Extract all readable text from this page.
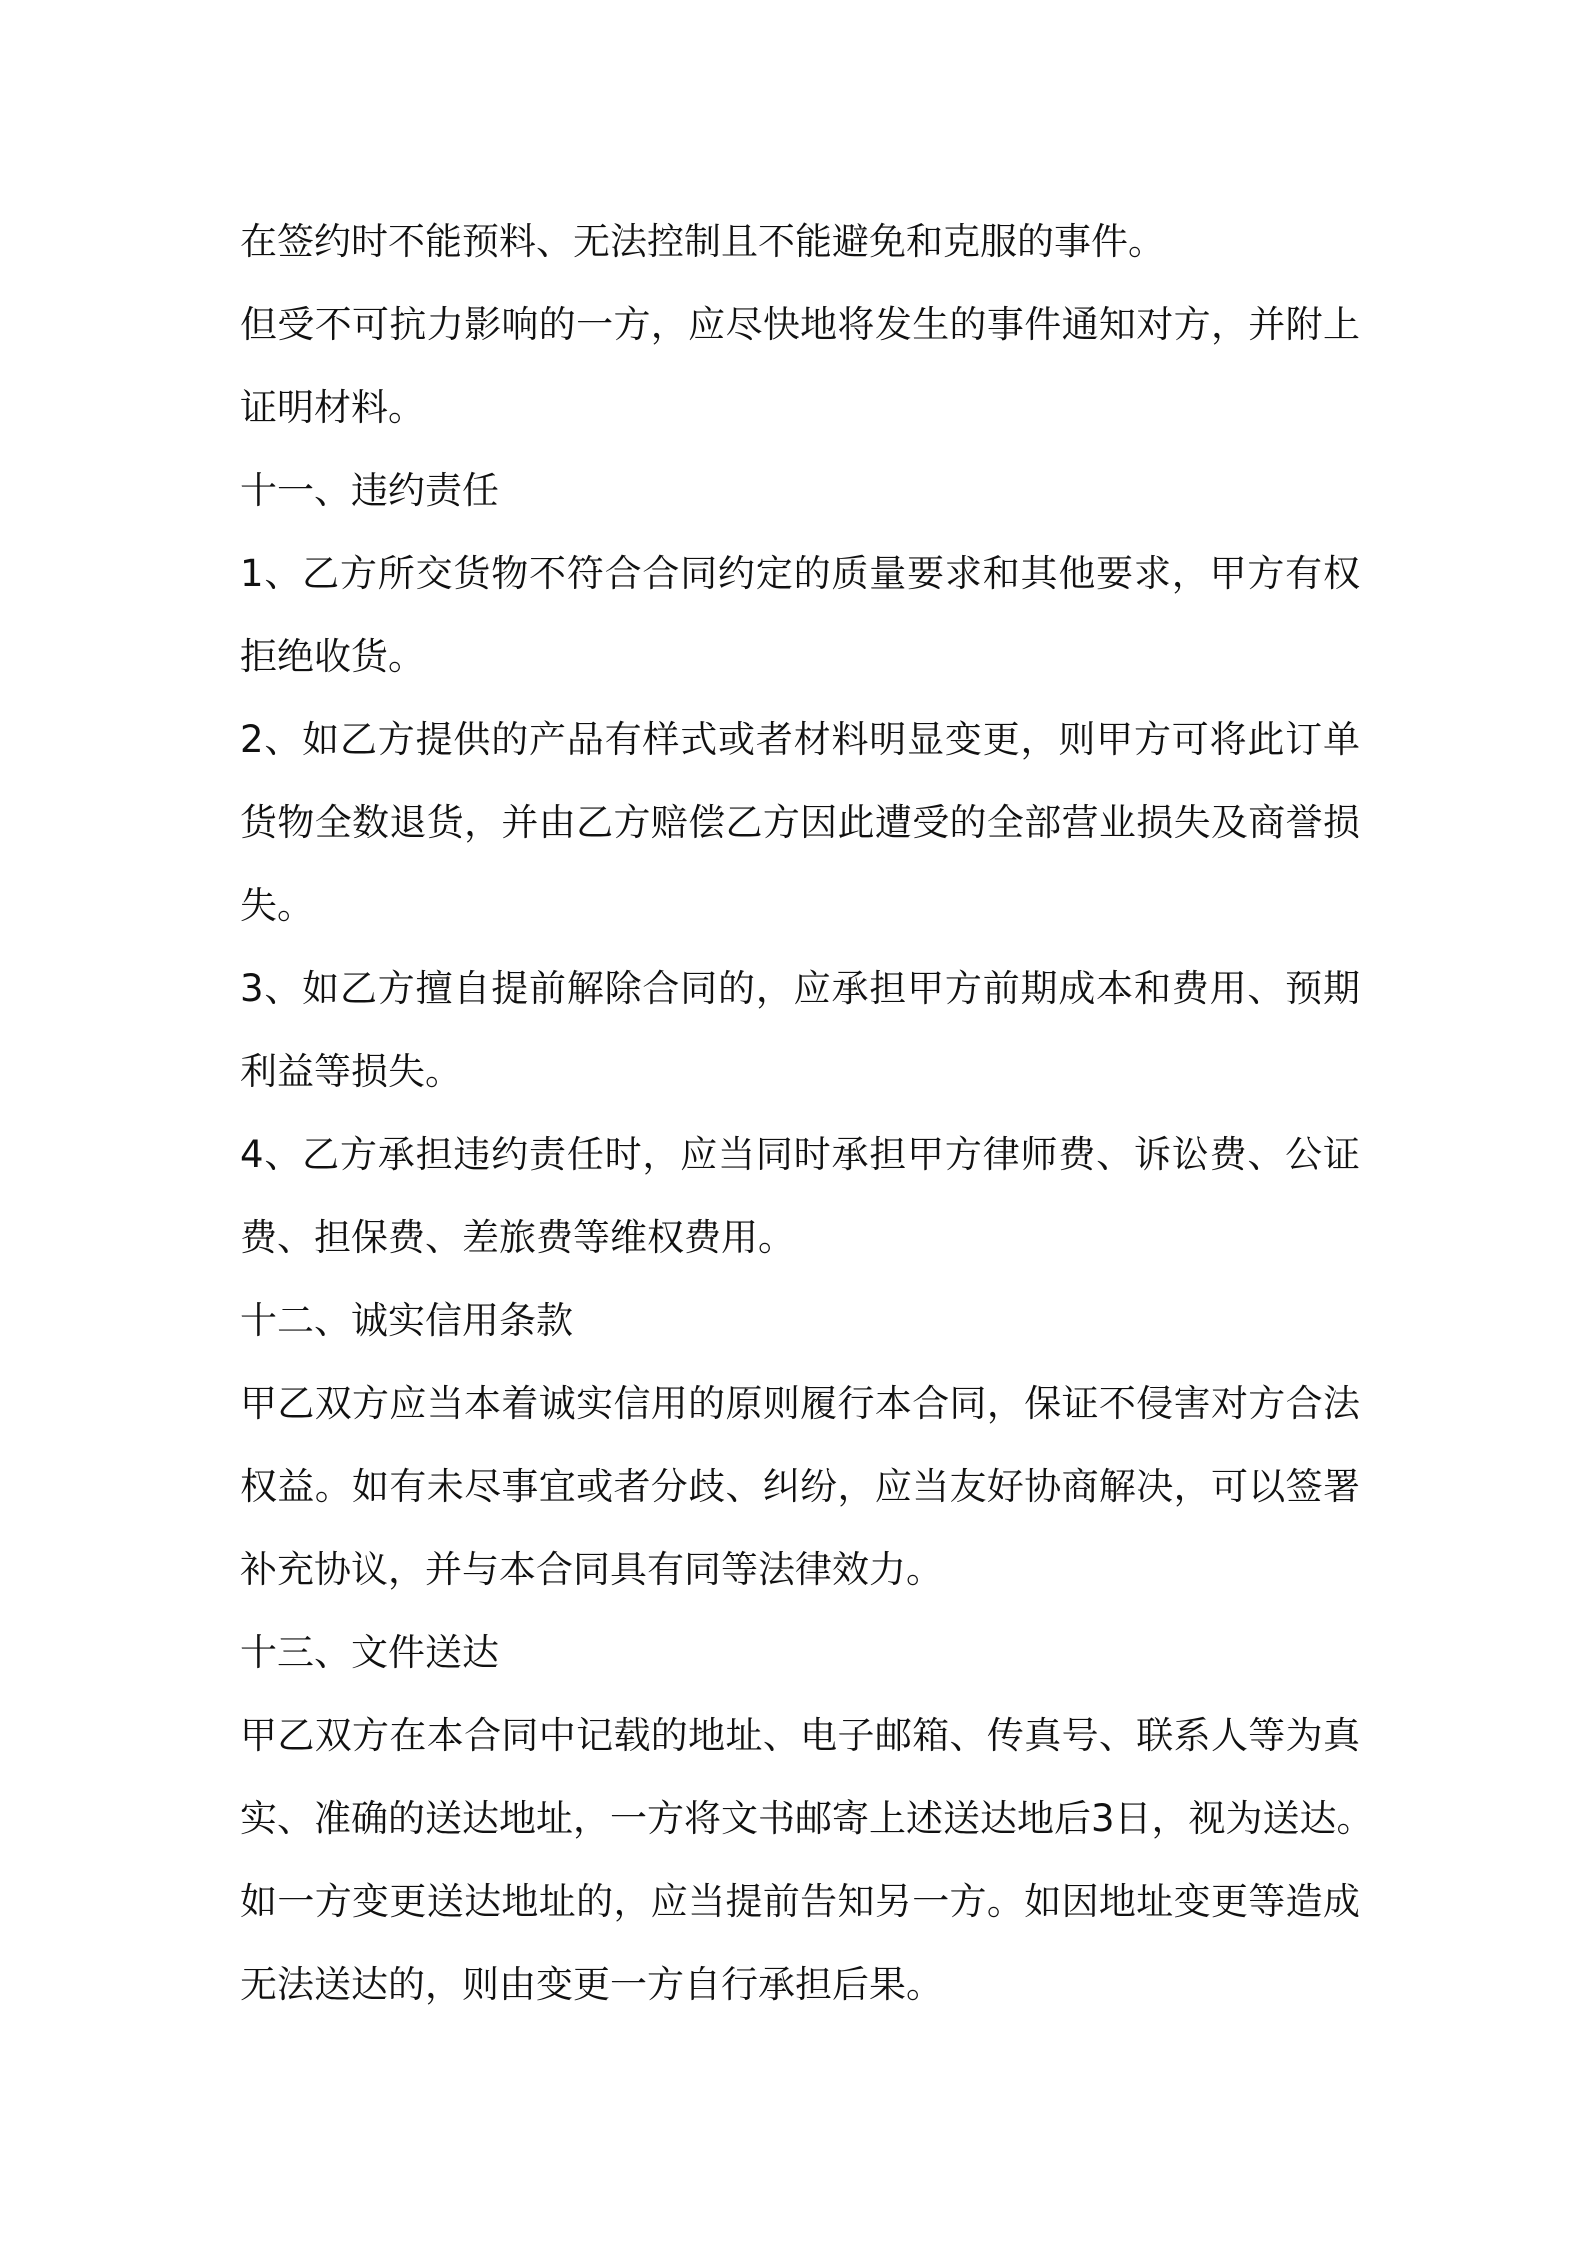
在签约时不能预料、无法控制且不能避免和克服的事件。
但受不可抗力影响的一方，应尽快地将发生的事件通知对方，并附上
证明材料。
十一、违约责任
1、乙方所交货物不符合合同约定的质量要求和其他要求，甲方有权
拒绝收货。
2、如乙方提供的产品有样式或者材料明显变更，则甲方可将此订单
货物全数退货，并由乙方赔偿乙方因此遭受的全部营业损失及商誉损
失。
3、如乙方擅自提前解除合同的，应承担甲方前期成本和费用、预期
利益等损失。
4、乙方承担违约责任时，应当同时承担甲方律师费、诉讼费、公证
费、担保费、差旅费等维权费用。
十二、诚实信用条款
甲乙双方应当本着诚实信用的原则履行本合同，保证不侵害对方合法
权益。如有未尽事宜或者分歧、纠纷，应当友好协商解决，可以签署
补充协议，并与本合同具有同等法律效力。
十三、文件送达
甲乙双方在本合同中记载的地址、电子邮箱、传真号、联系人等为真
实、准确的送达地址，一方将文书邮寄上述送达地后3日，视为送达。
如一方变更送达地址的，应当提前告知另一方。如因地址变更等造成
无法送达的，则由变更一方自行承担后果。
